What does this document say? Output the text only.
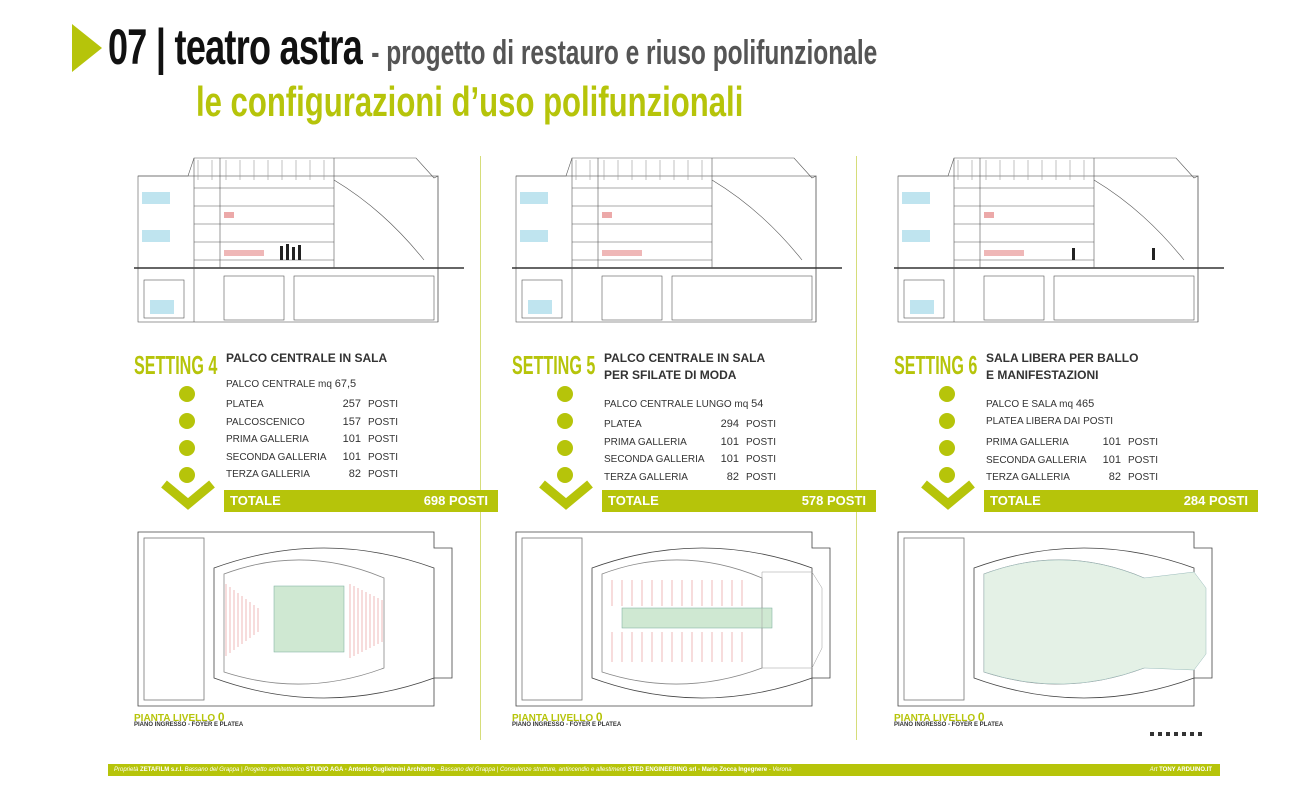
07 | teatro astra - progetto di restauro e riuso polifunzionale
le configurazioni d’uso polifunzionali
SETTING 4 PALCO CENTRALE IN SALA
PALCO CENTRALE mq 67,5
PLATEA	257 POSTI
PALCOSCENICO	157 POSTI
PRIMA GALLERIA	101 POSTI
SECONDA GALLERIA	101 POSTI
TERZA GALLERIA	82 POSTI
TOTALE	698 POSTI
PIANTA LIVELLO 0
PIANO INGRESSO - FOYER E PLATEA
SETTING 5 PALCO CENTRALE IN SALA
PER SFILATE DI MODA
PALCO CENTRALE LUNGO mq 54
PLATEA	294 POSTI
PRIMA GALLERIA	101 POSTI
SECONDA GALLERIA	101 POSTI
TERZA GALLERIA	82 POSTI
TOTALE	578 POSTI
PIANTA LIVELLO 0
PIANO INGRESSO - FOYER E PLATEA
SETTING 6 SALA LIBERA PER BALLO
E MANIFESTAZIONI
PALCO E SALA mq 465
PLATEA LIBERA DAI POSTI
PRIMA GALLERIA	101 POSTI
SECONDA GALLERIA	101 POSTI
TERZA GALLERIA	82 POSTI
TOTALE	284 POSTI
PIANTA LIVELLO 0
PIANO INGRESSO - FOYER E PLATEA
Proprietà ZETAFILM s.r.l. Bassano del Grappa | Progetto architettonico STUDIO AGA - Antonio Guglielmini Architetto - Bassano del Grappa | Consulenze strutture, antincendio e allestimenti STED ENGINEERING srl - Mario Zocca Ingegnere - Verona	Art TONY ARDUINO.IT
